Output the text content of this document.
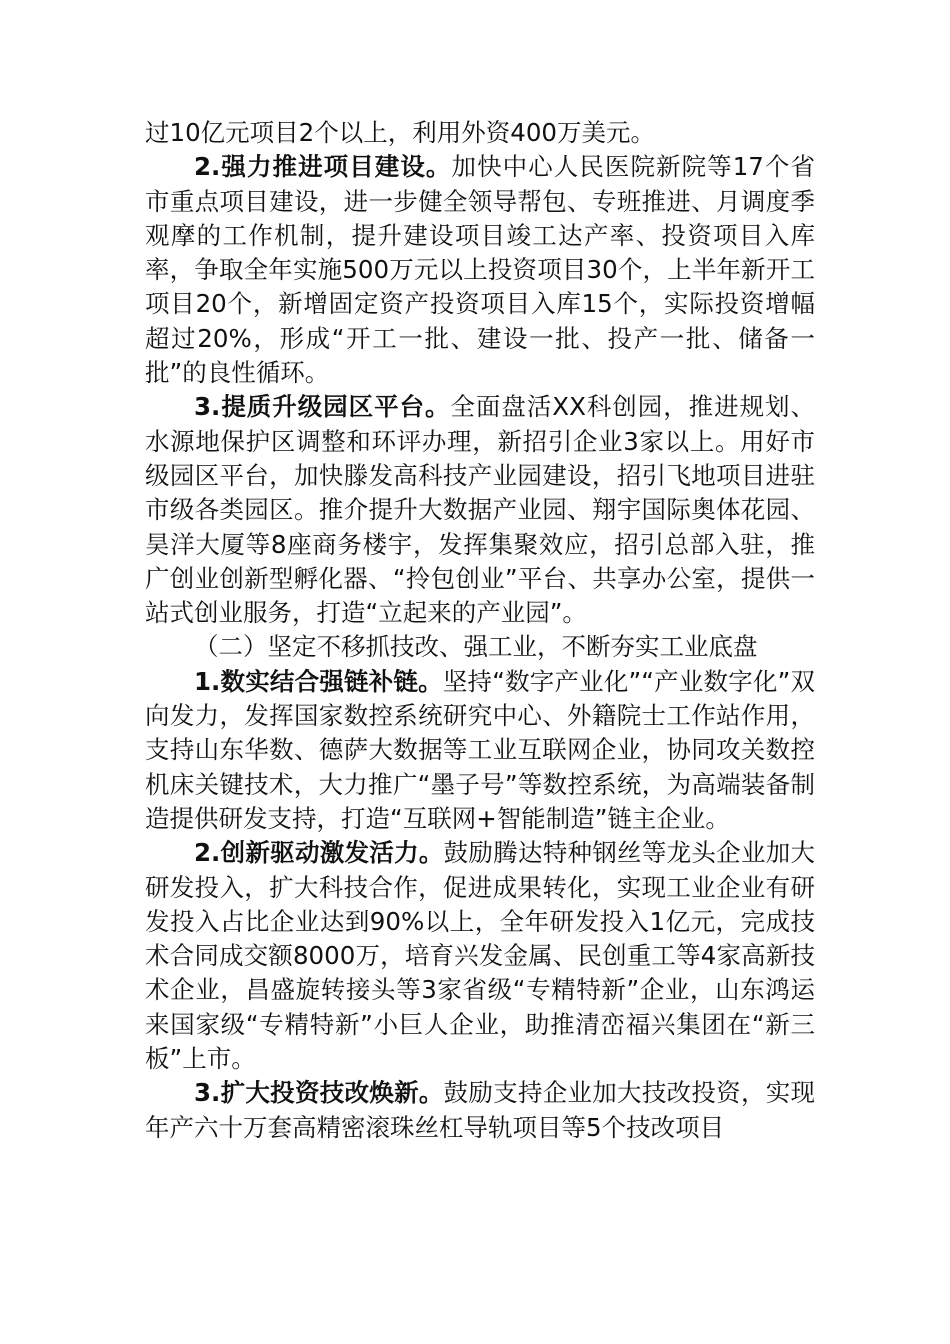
过10亿元项目2个以上，利用外资400万美元。

2.强力推进项目建设。加快中心人民医院新院等17个省市重点项目建设，进一步健全领导帮包、专班推进、月调度季观摩的工作机制，提升建设项目竣工达产率、投资项目入库率，争取全年实施500万元以上投资项目30个，上半年新开工项目20个，新增固定资产投资项目入库15个，实际投资增幅超过20%，形成“开工一批、建设一批、投产一批、储备一批”的良性循环。

3.提质升级园区平台。全面盘活XX科创园，推进规划、水源地保护区调整和环评办理，新招引企业3家以上。用好市级园区平台，加快滕发高科技产业园建设，招引飞地项目进驻市级各类园区。推介提升大数据产业园、翔宇国际奥体花园、昊洋大厦等8座商务楼宇，发挥集聚效应，招引总部入驻，推广创业创新型孵化器、“拎包创业”平台、共享办公室，提供一站式创业服务，打造“立起来的产业园”。

（二）坚定不移抓技改、强工业，不断夯实工业底盘

1.数实结合强链补链。坚持“数字产业化”“产业数字化”双向发力，发挥国家数控系统研究中心、外籍院士工作站作用，支持山东华数、德萨大数据等工业互联网企业，协同攻关数控机床关键技术，大力推广“墨子号”等数控系统，为高端装备制造提供研发支持，打造“互联网+智能制造”链主企业。

2.创新驱动激发活力。鼓励腾达特种钢丝等龙头企业加大研发投入，扩大科技合作，促进成果转化，实现工业企业有研发投入占比企业达到90%以上，全年研发投入1亿元，完成技术合同成交额8000万，培育兴发金属、民创重工等4家高新技术企业，昌盛旋转接头等3家省级“专精特新”企业，山东鸿运来国家级“专精特新”小巨人企业，助推清峦福兴集团在“新三板”上市。

3.扩大投资技改焕新。鼓励支持企业加大技改投资，实现年产六十万套高精密滚珠丝杠导轨项目等5个技改项目
